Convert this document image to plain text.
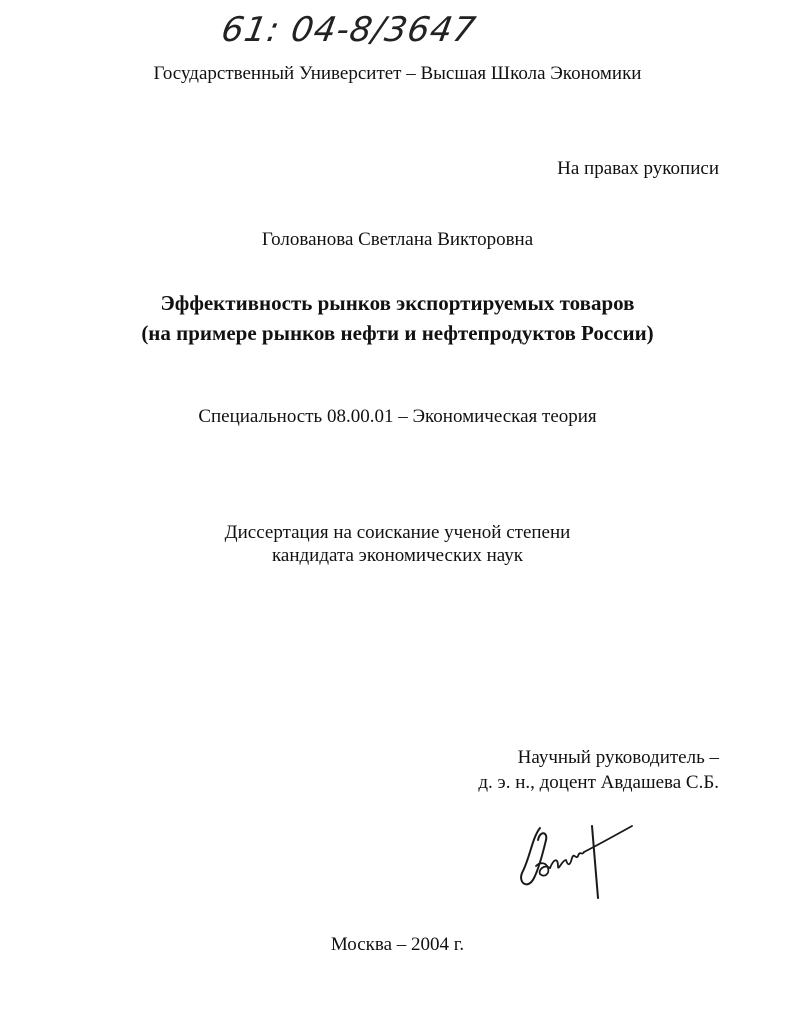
61: 04-8/3647
Государственный Университет – Высшая Школа Экономики
На правах рукописи
Голованова Светлана Викторовна
Эффективность рынков экспортируемых товаров
(на примере рынков нефти и нефтепродуктов России)
Специальность 08.00.01 – Экономическая теория
Диссертация на соискание ученой степени
кандидата экономических наук
Научный руководитель –
д. э. н., доцент Авдашева С.Б.
Москва – 2004 г.
